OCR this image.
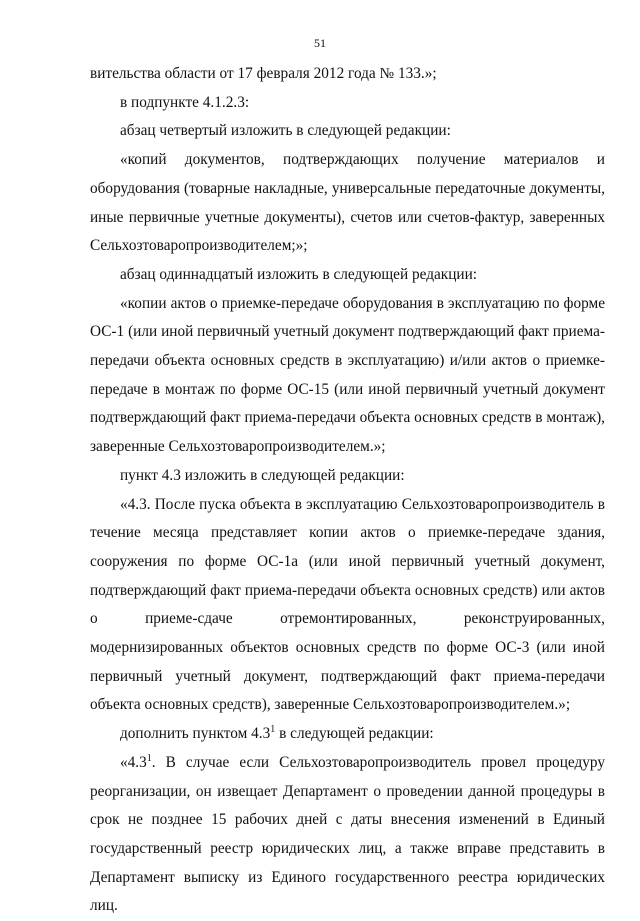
51

вительства области от 17 февраля 2012 года № 133.»;

в подпункте 4.1.2.3:

абзац четвертый изложить в следующей редакции:

«копий документов, подтверждающих получение материалов и оборудования (товарные накладные, универсальные передаточные документы, иные первичные учетные документы), счетов или счетов-фактур, заверенных Сельхозтоваропроизводителем;»;

абзац одиннадцатый изложить в следующей редакции:

«копии актов о приемке-передаче оборудования в эксплуатацию по форме ОС-1 (или иной первичный учетный документ подтверждающий факт приема-передачи объекта основных средств в эксплуатацию) и/или актов о приемке-передаче в монтаж по форме ОС-15 (или иной первичный учетный документ подтверждающий факт приема-передачи объекта основных средств в монтаж), заверенные Сельхозтоваропроизводителем.»;

пункт 4.3 изложить в следующей редакции:

«4.3. После пуска объекта в эксплуатацию Сельхозтоваропроизводитель в течение месяца представляет копии актов о приемке-передаче здания, сооружения по форме ОС-1а (или иной первичный учетный документ, подтверждающий факт приема-передачи объекта основных средств) или актов о приеме-сдаче отремонтированных, реконструированных, модернизированных объектов основных средств по форме ОС-3 (или иной первичный учетный документ, подтверждающий факт приема-передачи объекта основных средств), заверенные Сельхозтоваропроизводителем.»;

дополнить пунктом $4.3^1$ в следующей редакции:

«$4.3^1$. В случае если Сельхозтоваропроизводитель провел процедуру реорганизации, он извещает Департамент о проведении данной процедуры в срок не позднее 15 рабочих дней с даты внесения изменений в Единый государственный реестр юридических лиц, а также вправе представить в Департамент выписку из Единого государственного реестра юридических лиц.
